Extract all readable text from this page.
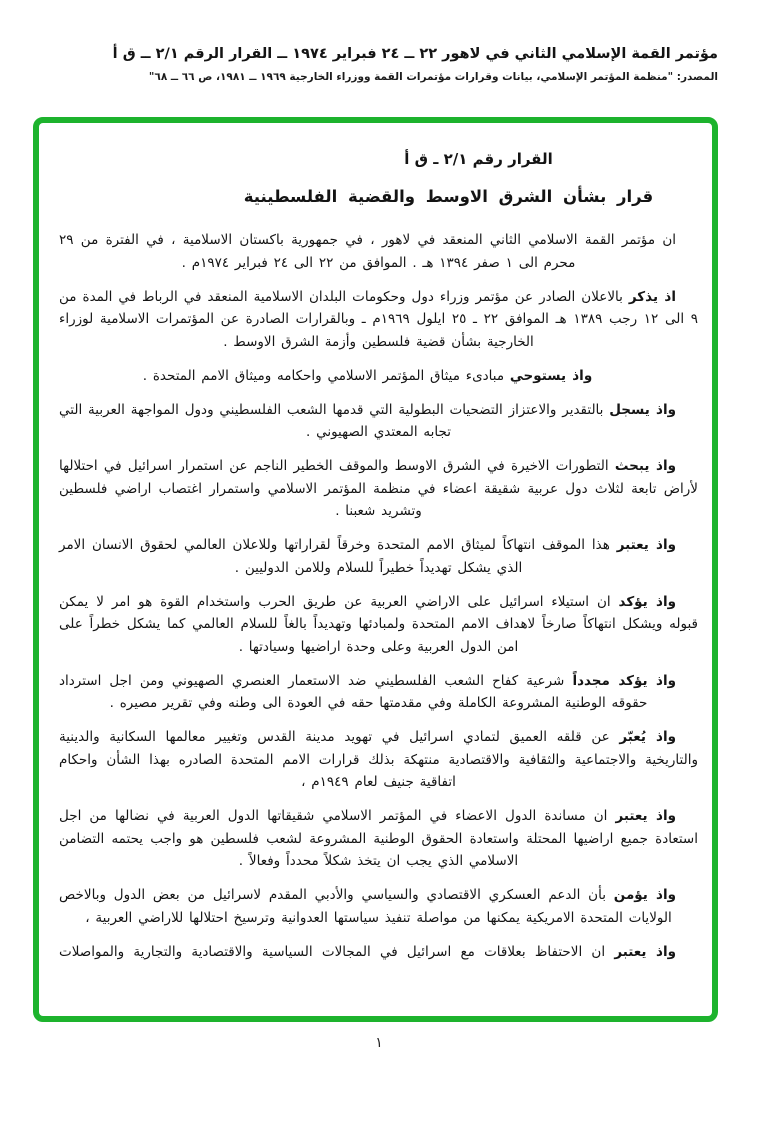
مؤتمر القمة الإسلامي الثاني في لاهور ٢٢ ــ ٢٤ فبراير ١٩٧٤ ــ القرار الرقم ٢/١ ــ ق أ
المصدر: "منظمة المؤتمر الإسلامي، بيانات وقرارات مؤتمرات القمة ووزراء الخارجية ١٩٦٩ ــ ١٩٨١، ص ٦٦ ــ ٦٨"
القرار رقم ٢/١ ـ ق أ
قرار بشأن الشرق الاوسط والقضية الفلسطينية

ان مؤتمر القمة الاسلامي الثاني المنعقد في لاهور ، في جمهورية باكستان الاسلامية ، في الفترة من ٢٩ محرم الى ١ صفر ١٣٩٤ هـ . الموافق من ٢٢ الى ٢٤ فبراير ١٩٧٤م .

اذ يذكر بالاعلان الصادر عن مؤتمر وزراء دول وحكومات البلدان الاسلامية المنعقد في الرباط في المدة من ٩ الى ١٢ رجب ١٣٨٩ هـ الموافق ٢٢ ـ ٢٥ ايلول ١٩٦٩م ـ وبالقرارات الصادرة عن المؤتمرات الاسلامية لوزراء الخارجية بشأن قضية فلسطين وأزمة الشرق الاوسط .

واذ يستوحي مبادىء ميثاق المؤتمر الاسلامي واحكامه وميثاق الامم المتحدة .

واذ يسجل بالتقدير والاعتزاز التضحيات البطولية التي قدمها الشعب الفلسطيني ودول المواجهة العربية التي تجابه المعتدي الصهيوني .

واذ يبحث التطورات الاخيرة في الشرق الاوسط والموقف الخطير الناجم عن استمرار اسرائيل في احتلالها لأراض تابعة لثلاث دول عربية شقيقة اعضاء في منظمة المؤتمر الاسلامي واستمرار اغتصاب اراضي فلسطين وتشريد شعبنا .

واذ يعتبر هذا الموقف انتهاكاً لميثاق الامم المتحدة وخرقاً لقراراتها وللاعلان العالمي لحقوق الانسان الامر الذي يشكل تهديداً خطيراً للسلام وللامن الدوليين .

واذ يؤكد ان استيلاء اسرائيل على الاراضي العربية عن طريق الحرب واستخدام القوة هو امر لا يمكن قبوله ويشكل انتهاكاً صارخاً لاهداف الامم المتحدة ولمبادئها وتهديداً بالغاً للسلام العالمي كما يشكل خطراً على امن الدول العربية وعلى وحدة اراضيها وسيادتها .

واذ يؤكد مجدداً شرعية كفاح الشعب الفلسطيني ضد الاستعمار العنصري الصهيوني ومن اجل استرداد حقوقه الوطنية المشروعة الكاملة وفي مقدمتها حقه في العودة الى وطنه وفي تقرير مصيره .

واذ يُعبّر عن قلقه العميق لتمادي اسرائيل في تهويد مدينة القدس وتغيير معالمها السكانية والدينية والتاريخية والاجتماعية والثقافية والاقتصادية منتهكة بذلك قرارات الامم المتحدة الصادره بهذا الشأن واحكام اتفاقية جنيف لعام ١٩٤٩م ،

واذ يعتبر ان مساندة الدول الاعضاء في المؤتمر الاسلامي شقيقاتها الدول العربية في نضالها من اجل استعادة جميع اراضيها المحتلة واستعادة الحقوق الوطنية المشروعة لشعب فلسطين هو واجب يحتمه التضامن الاسلامي الذي يجب ان يتخذ شكلاً محدداً وفعالاً .

واذ يؤمن بأن الدعم العسكري الاقتصادي والسياسي والأدبي المقدم لاسرائيل من بعض الدول وبالاخص الولايات المتحدة الامريكية يمكنها من مواصلة تنفيذ سياستها العدوانية وترسيخ احتلالها للاراضي العربية ،

واذ يعتبر ان الاحتفاظ بعلاقات مع اسرائيل في المجالات السياسية والاقتصادية والتجارية والمواصلات

١
